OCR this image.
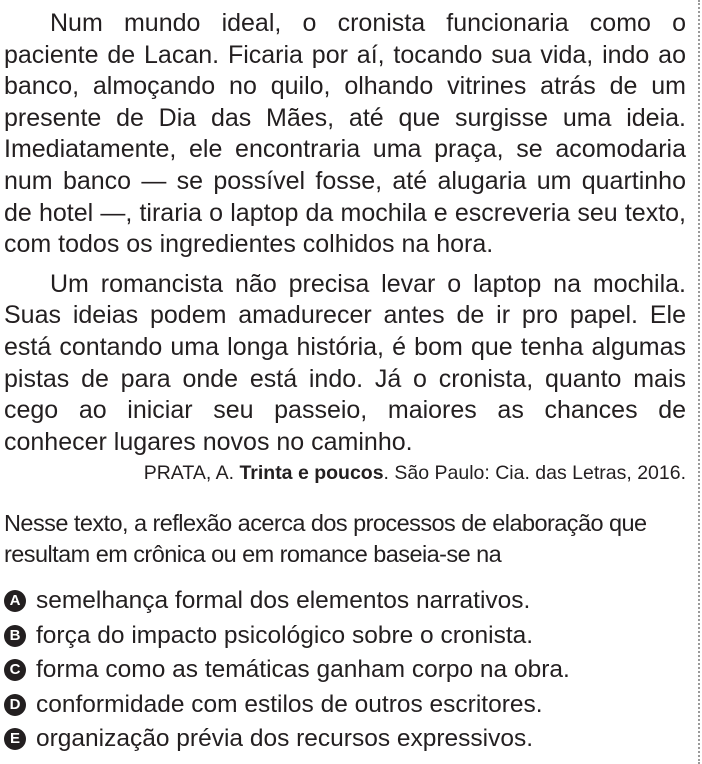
Num mundo ideal, o cronista funcionaria como o paciente de Lacan. Ficaria por aí, tocando sua vida, indo ao banco, almoçando no quilo, olhando vitrines atrás de um presente de Dia das Mães, até que surgisse uma ideia. Imediatamente, ele encontraria uma praça, se acomodaria num banco — se possível fosse, até alugaria um quartinho de hotel —, tiraria o laptop da mochila e escreveria seu texto, com todos os ingredientes colhidos na hora.

Um romancista não precisa levar o laptop na mochila. Suas ideias podem amadurecer antes de ir pro papel. Ele está contando uma longa história, é bom que tenha algumas pistas de para onde está indo. Já o cronista, quanto mais cego ao iniciar seu passeio, maiores as chances de conhecer lugares novos no caminho.

PRATA, A. Trinta e poucos. São Paulo: Cia. das Letras, 2016.

Nesse texto, a reflexão acerca dos processos de elaboração que resultam em crônica ou em romance baseia-se na

A semelhança formal dos elementos narrativos.
B força do impacto psicológico sobre o cronista.
C forma como as temáticas ganham corpo na obra.
D conformidade com estilos de outros escritores.
E organização prévia dos recursos expressivos.
